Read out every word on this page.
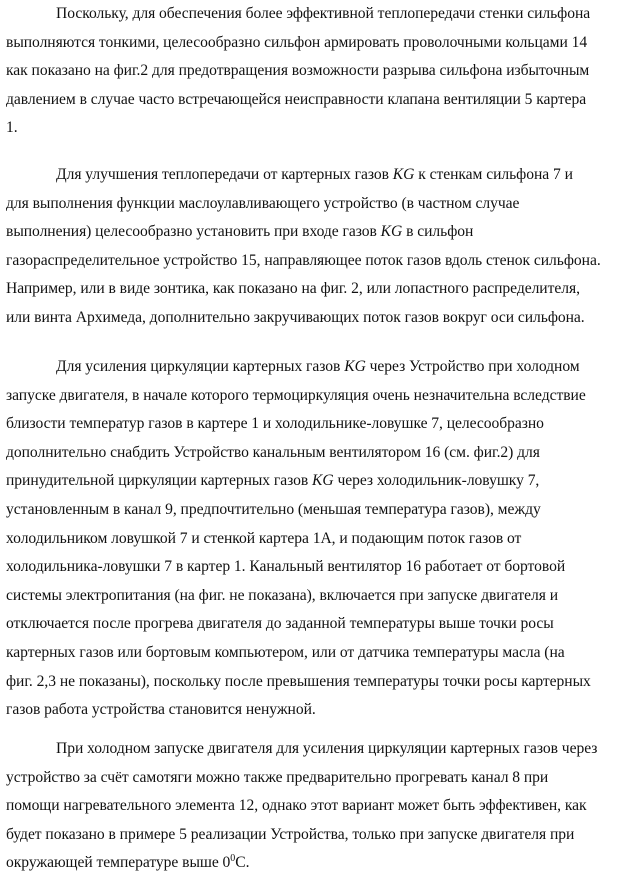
Поскольку, для обеспечения более эффективной теплопередачи стенки сильфона
выполняются тонкими, целесообразно сильфон армировать проволочными кольцами 14
как показано на фиг.2 для предотвращения возможности разрыва сильфона избыточным
давлением в случае часто встречающейся неисправности клапана вентиляции 5 картера
1.
Для улучшения теплопередачи от картерных газов KG к стенкам сильфона 7 и
для выполнения функции маслоулавливающего устройство (в частном случае
выполнения) целесообразно установить при входе газов KG в сильфон
газораспределительное устройство 15, направляющее поток газов вдоль стенок сильфона.
Например, или в виде зонтика, как показано на фиг. 2, или лопастного распределителя,
или винта Архимеда, дополнительно закручивающих поток газов вокруг оси сильфона.
Для усиления циркуляции картерных газов KG через Устройство при холодном
запуске двигателя, в начале которого термоциркуляция очень незначительна вследствие
близости температур газов в картере 1 и холодильнике-ловушке 7, целесообразно
дополнительно снабдить Устройство канальным вентилятором 16 (см. фиг.2) для
принудительной циркуляции картерных газов KG через холодильник-ловушку 7,
установленным в канал 9, предпочтительно (меньшая температура газов), между
холодильником ловушкой 7 и стенкой картера 1А, и подающим поток газов от
холодильника-ловушки 7 в картер 1. Канальный вентилятор 16 работает от бортовой
системы электропитания (на фиг. не показана), включается при запуске двигателя и
отключается после прогрева двигателя до заданной температуры выше точки росы
картерных газов или бортовым компьютером, или от датчика температуры масла (на
фиг. 2,3 не показаны), поскольку после превышения температуры точки росы картерных
газов работа устройства становится ненужной.
При холодном запуске двигателя для усиления циркуляции картерных газов через
устройство за счёт самотяги можно также предварительно прогревать канал 8 при
помощи нагревательного элемента 12, однако этот вариант может быть эффективен, как
будет показано в примере 5 реализации Устройства, только при запуске двигателя при
окружающей температуре выше $0^0С$.
